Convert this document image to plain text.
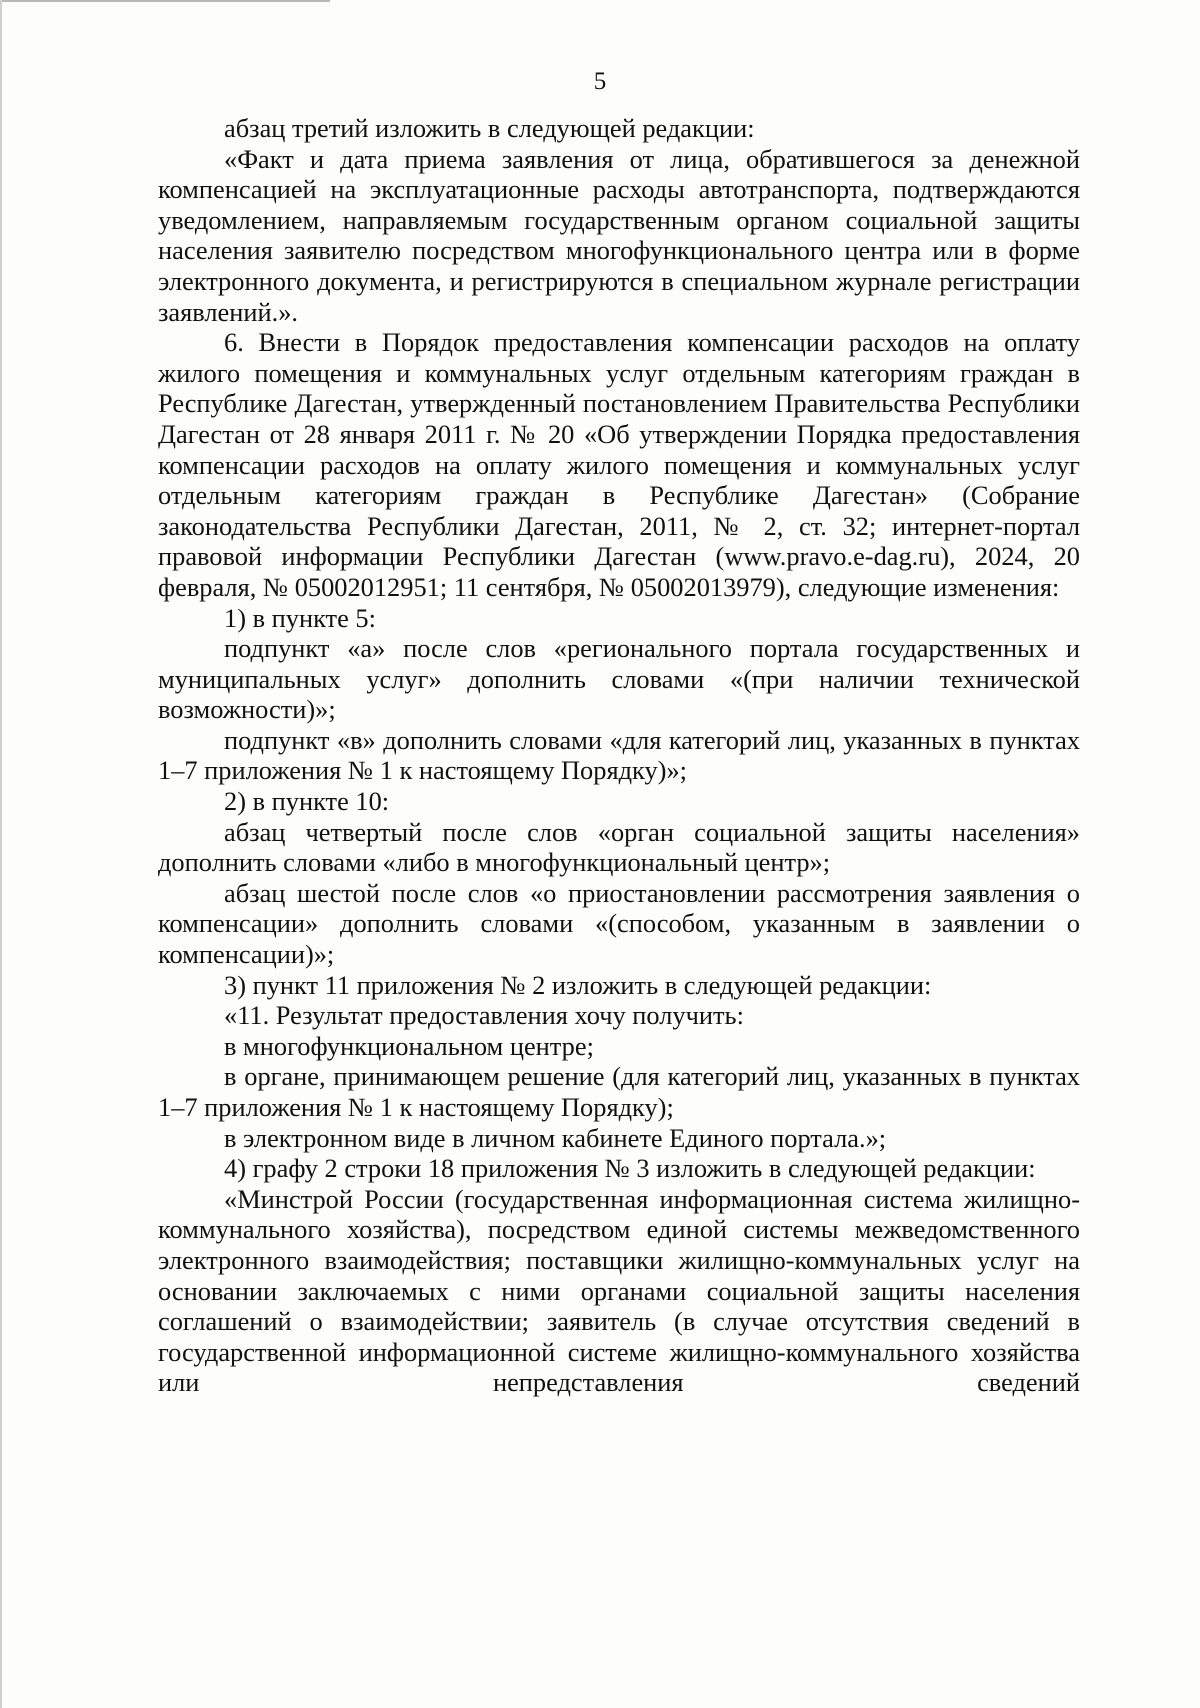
5

абзац третий изложить в следующей редакции:

«Факт и дата приема заявления от лица, обратившегося за денежной компенсацией на эксплуатационные расходы автотранспорта, подтверждаются уведомлением, направляемым государственным органом социальной защиты населения заявителю посредством многофункционального центра или в форме электронного документа, и регистрируются в специальном журнале регистрации заявлений.».

6. Внести в Порядок предоставления компенсации расходов на оплату жилого помещения и коммунальных услуг отдельным категориям граждан в Республике Дагестан, утвержденный постановлением Правительства Республики Дагестан от 28 января 2011 г. № 20 «Об утверждении Порядка предоставления компенсации расходов на оплату жилого помещения и коммунальных услуг отдельным категориям граждан в Республике Дагестан» (Собрание законодательства Республики Дагестан, 2011, № 2, ст. 32; интернет-портал правовой информации Республики Дагестан (www.pravo.e-dag.ru), 2024, 20 февраля, № 05002012951; 11 сентября, № 05002013979), следующие изменения:

1) в пункте 5:

подпункт «а» после слов «регионального портала государственных и муниципальных услуг» дополнить словами «(при наличии технической возможности)»;

подпункт «в» дополнить словами «для категорий лиц, указанных в пунктах 1–7 приложения № 1 к настоящему Порядку)»;

2) в пункте 10:

абзац четвертый после слов «орган социальной защиты населения» дополнить словами «либо в многофункциональный центр»;

абзац шестой после слов «о приостановлении рассмотрения заявления о компенсации» дополнить словами «(способом, указанным в заявлении о компенсации)»;

3) пункт 11 приложения № 2 изложить в следующей редакции:

«11. Результат предоставления хочу получить:

в многофункциональном центре;

в органе, принимающем решение (для категорий лиц, указанных в пунктах 1–7 приложения № 1 к настоящему Порядку);

в электронном виде в личном кабинете Единого портала.»;

4) графу 2 строки 18 приложения № 3 изложить в следующей редакции:

«Минстрой России (государственная информационная система жилищно-коммунального хозяйства), посредством единой системы межведомственного электронного взаимодействия; поставщики жилищно-коммунальных услуг на основании заключаемых с ними органами социальной защиты населения соглашений о взаимодействии; заявитель (в случае отсутствия сведений в государственной информационной системе жилищно-коммунального хозяйства или непредставления сведений
